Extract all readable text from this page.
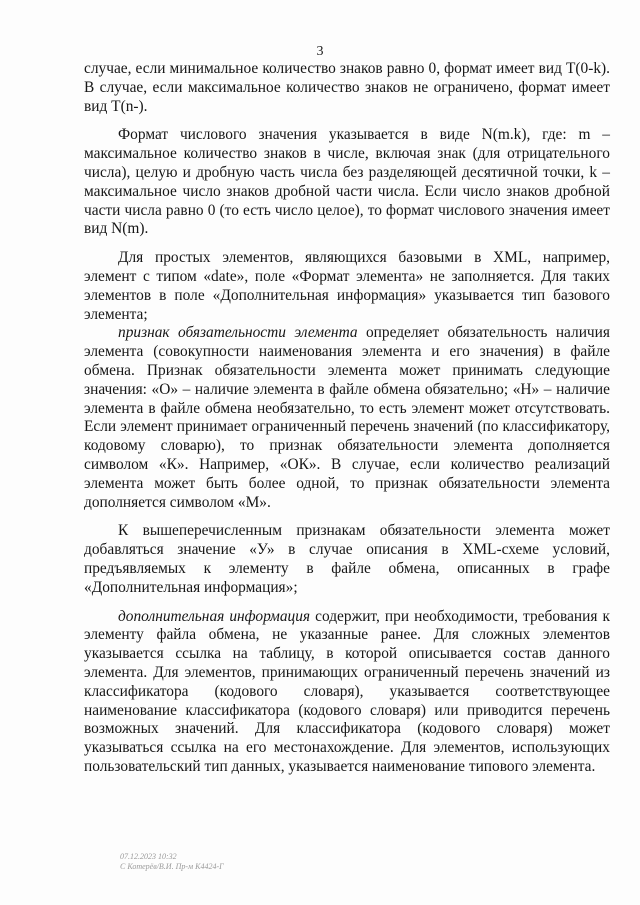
3

случае, если минимальное количество знаков равно 0, формат имеет вид T(0-k). В случае, если максимальное количество знаков не ограничено, формат имеет вид T(n-).

Формат числового значения указывается в виде N(m.k), где: m – максимальное количество знаков в числе, включая знак (для отрицательного числа), целую и дробную часть числа без разделяющей десятичной точки, k – максимальное число знаков дробной части числа. Если число знаков дробной части числа равно 0 (то есть число целое), то формат числового значения имеет вид N(m).

Для простых элементов, являющихся базовыми в XML, например, элемент с типом «date», поле «Формат элемента» не заполняется. Для таких элементов в поле «Дополнительная информация» указывается тип базового элемента;

признак обязательности элемента определяет обязательность наличия элемента (совокупности наименования элемента и его значения) в файле обмена. Признак обязательности элемента может принимать следующие значения: «О» – наличие элемента в файле обмена обязательно; «Н» – наличие элемента в файле обмена необязательно, то есть элемент может отсутствовать. Если элемент принимает ограниченный перечень значений (по классификатору, кодовому словарю), то признак обязательности элемента дополняется символом «К». Например, «ОК». В случае, если количество реализаций элемента может быть более одной, то признак обязательности элемента дополняется символом «М».

К вышеперечисленным признакам обязательности элемента может добавляться значение «У» в случае описания в XML-схеме условий, предъявляемых к элементу в файле обмена, описанных в графе «Дополнительная информация»;

дополнительная информация содержит, при необходимости, требования к элементу файла обмена, не указанные ранее. Для сложных элементов указывается ссылка на таблицу, в которой описывается состав данного элемента. Для элементов, принимающих ограниченный перечень значений из классификатора (кодового словаря), указывается соответствующее наименование классификатора (кодового словаря) или приводится перечень возможных значений. Для классификатора (кодового словаря) может указываться ссылка на его местонахождение. Для элементов, использующих пользовательский тип данных, указывается наименование типового элемента.

07.12.2023 10:32
С Котерёв/В.И. Пр-м К4424-Г
